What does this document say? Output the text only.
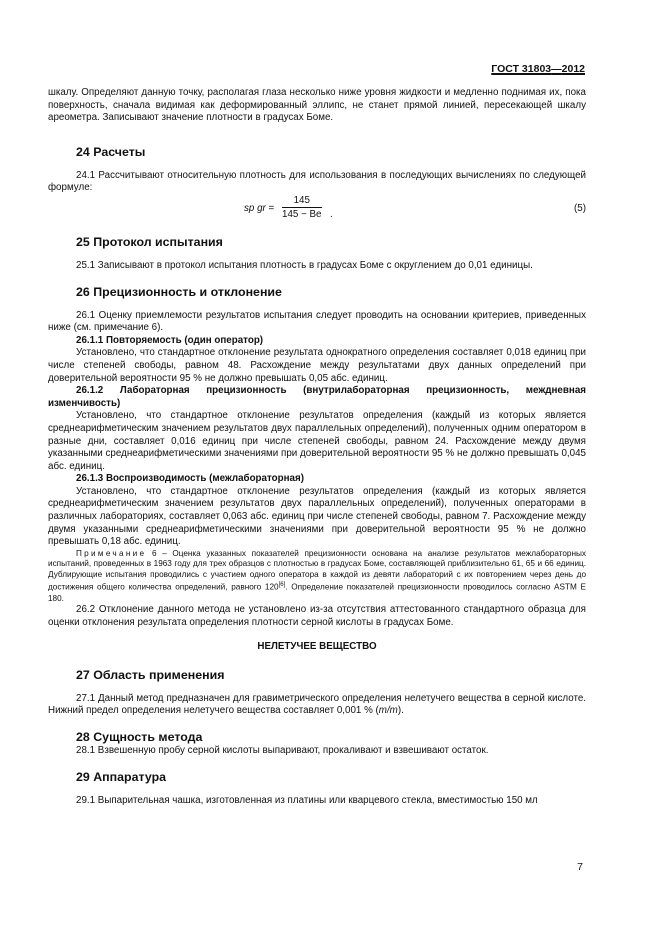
ГОСТ 31803—2012

шкалу. Определяют данную точку, располагая глаза несколько ниже уровня жидкости и медленно поднимая их, пока поверхность, сначала видимая как деформированный эллипс, не станет прямой линией, пересекающей шкалу ареометра. Записывают значение плотности в градусах Боме.

24 Расчеты

24.1 Рассчитывают относительную плотность для использования в последующих вычислениях по следующей формуле:

sp gr = $\frac{145}{145 - Be}$ .
(5)
25 Протокол испытания

25.1 Записывают в протокол испытания плотность в градусах Боме с округлением до 0,01 единицы.

26 Прецизионность и отклонение

26.1 Оценку приемлемости результатов испытания следует проводить на основании критериев, приведенных ниже (см. примечание 6).

26.1.1 Повторяемость (один оператор)

Установлено, что стандартное отклонение результата однократного определения составляет 0,018 единиц при числе степеней свободы, равном 48. Расхождение между результатами двух данных определений при доверительной вероятности 95 % не должно превышать 0,05 абс. единиц.

26.1.2 Лабораторная прецизионность (внутрилабораторная прецизионность, междневная изменчивость)

Установлено, что стандартное отклонение результатов определения (каждый из которых является среднеарифметическим значением результатов двух параллельных определений), полученных одним оператором в разные дни, составляет 0,016 единиц при числе степеней свободы, равном 24. Расхождение между двумя указанными среднеарифметическими значениями при доверительной вероятности 95 % не должно превышать 0,045 абс. единиц.

26.1.3 Воспроизводимость (межлабораторная)

Установлено, что стандартное отклонение результатов определения (каждый из которых является среднеарифметическим значением результатов двух параллельных определений), полученных операторами в различных лабораториях, составляет 0,063 абс. единиц при числе степеней свободы, равном 7. Расхождение между двумя указанными среднеарифметическими значениями при доверительной вероятности 95 % не должно превышать 0,18 абс. единиц.

Примечание 6 – Оценка указанных показателей прецизионности основана на анализе результатов межлабораторных испытаний, проведенных в 1963 году для трех образцов с плотностью в градусах Боме, составляющей приблизительно 61, 65 и 66 единиц. Дублирующие испытания проводились с участием одного оператора в каждой из девяти лабораторий с их повторением через день до достижения общего количества определений, равного 120[6]. Определение показателей прецизионности проводилось согласно ASTM E 180.

26.2 Отклонение данного метода не установлено из-за отсутствия аттестованного стандартного образца для оценки отклонения результата определения плотности серной кислоты в градусах Боме.

НЕЛЕТУЧЕЕ ВЕЩЕСТВО

27 Область применения

27.1 Данный метод предназначен для гравиметрического определения нелетучего вещества в серной кислоте. Нижний предел определения нелетучего вещества составляет 0,001 % (m/m).

28 Сущность метода

28.1 Взвешенную пробу серной кислоты выпаривают, прокаливают и взвешивают остаток.

29 Аппаратура

29.1 Выпарительная чашка, изготовленная из платины или кварцевого стекла, вместимостью 150 мл

7
